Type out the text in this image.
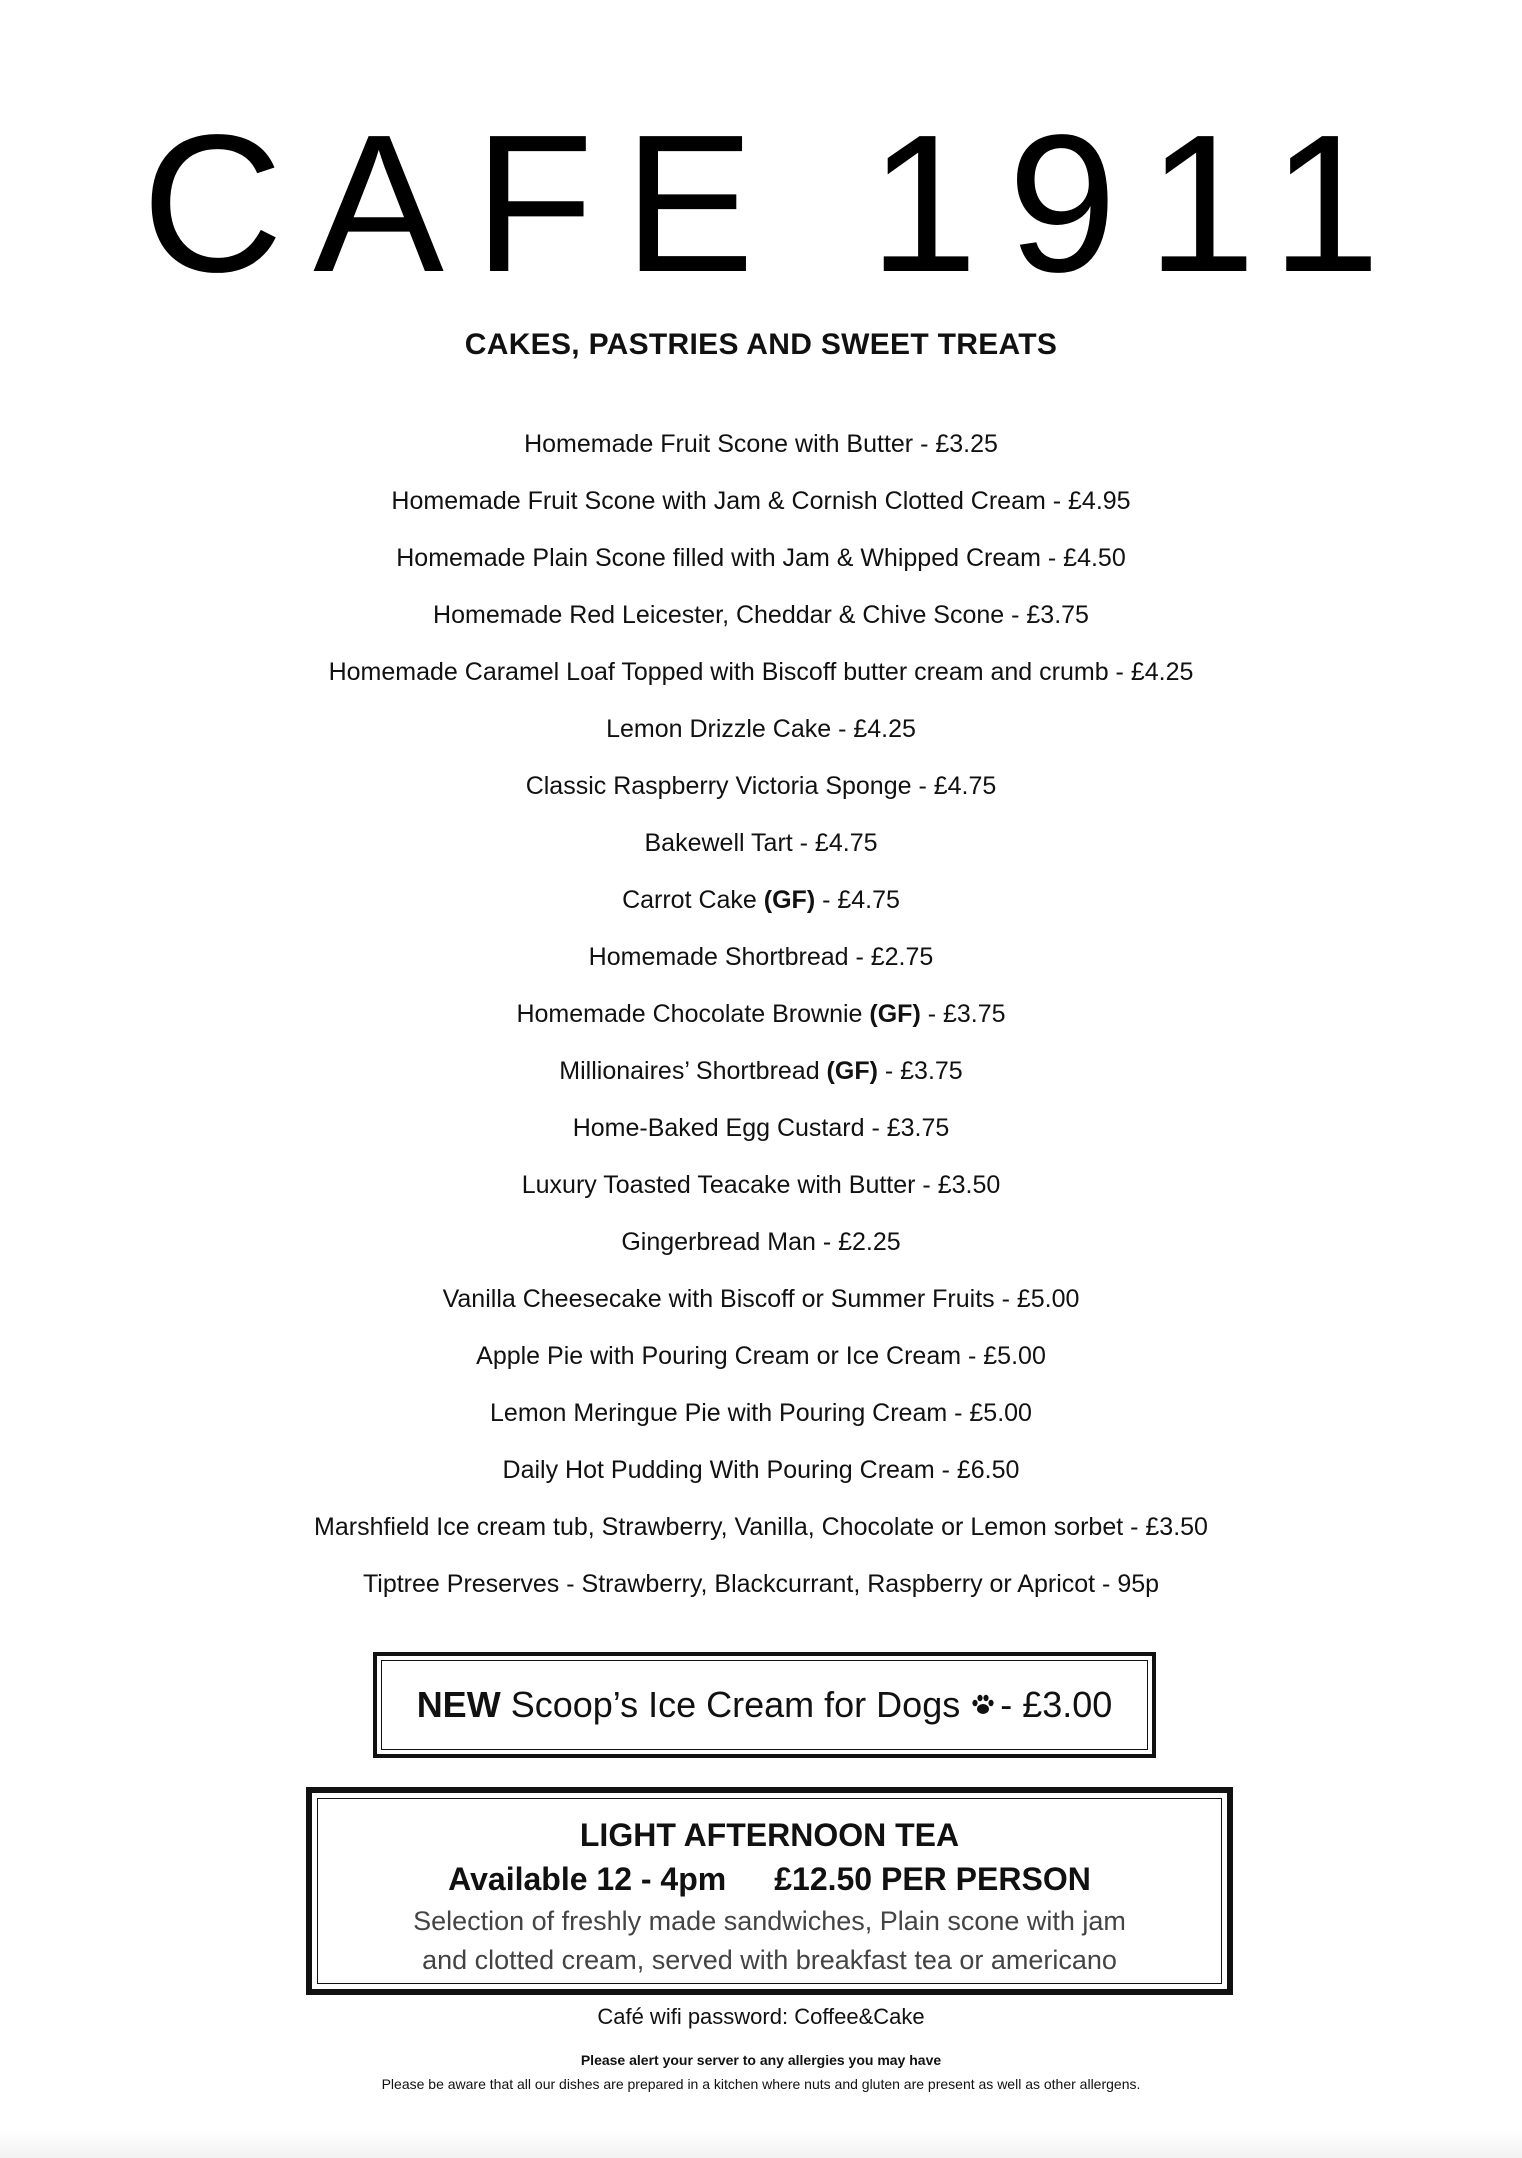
CAFE 1911
CAKES, PASTRIES AND SWEET TREATS
Homemade Fruit Scone with Butter - £3.25
Homemade Fruit Scone with Jam & Cornish Clotted Cream - £4.95
Homemade Plain Scone filled with Jam & Whipped Cream - £4.50
Homemade Red Leicester, Cheddar & Chive Scone - £3.75
Homemade Caramel Loaf Topped with Biscoff butter cream and crumb - £4.25
Lemon Drizzle Cake - £4.25
Classic Raspberry Victoria Sponge - £4.75
Bakewell Tart - £4.75
Carrot Cake (GF) - £4.75
Homemade Shortbread - £2.75
Homemade Chocolate Brownie (GF) - £3.75
Millionaires’ Shortbread (GF) - £3.75
Home-Baked Egg Custard - £3.75
Luxury Toasted Teacake with Butter - £3.50
Gingerbread Man - £2.25
Vanilla Cheesecake with Biscoff or Summer Fruits - £5.00
Apple Pie with Pouring Cream or Ice Cream - £5.00
Lemon Meringue Pie with Pouring Cream - £5.00
Daily Hot Pudding With Pouring Cream - £6.50
Marshfield Ice cream tub, Strawberry, Vanilla, Chocolate or Lemon sorbet - £3.50
Tiptree Preserves - Strawberry, Blackcurrant, Raspberry or Apricot - 95p
NEW Scoop’s Ice Cream for Dogs - £3.00
LIGHT AFTERNOON TEA
Available 12 - 4pm £12.50 PER PERSON
Selection of freshly made sandwiches, Plain scone with jam
and clotted cream, served with breakfast tea or americano
Café wifi password: Coffee&Cake
Please alert your server to any allergies you may have
Please be aware that all our dishes are prepared in a kitchen where nuts and gluten are present as well as other allergens.
